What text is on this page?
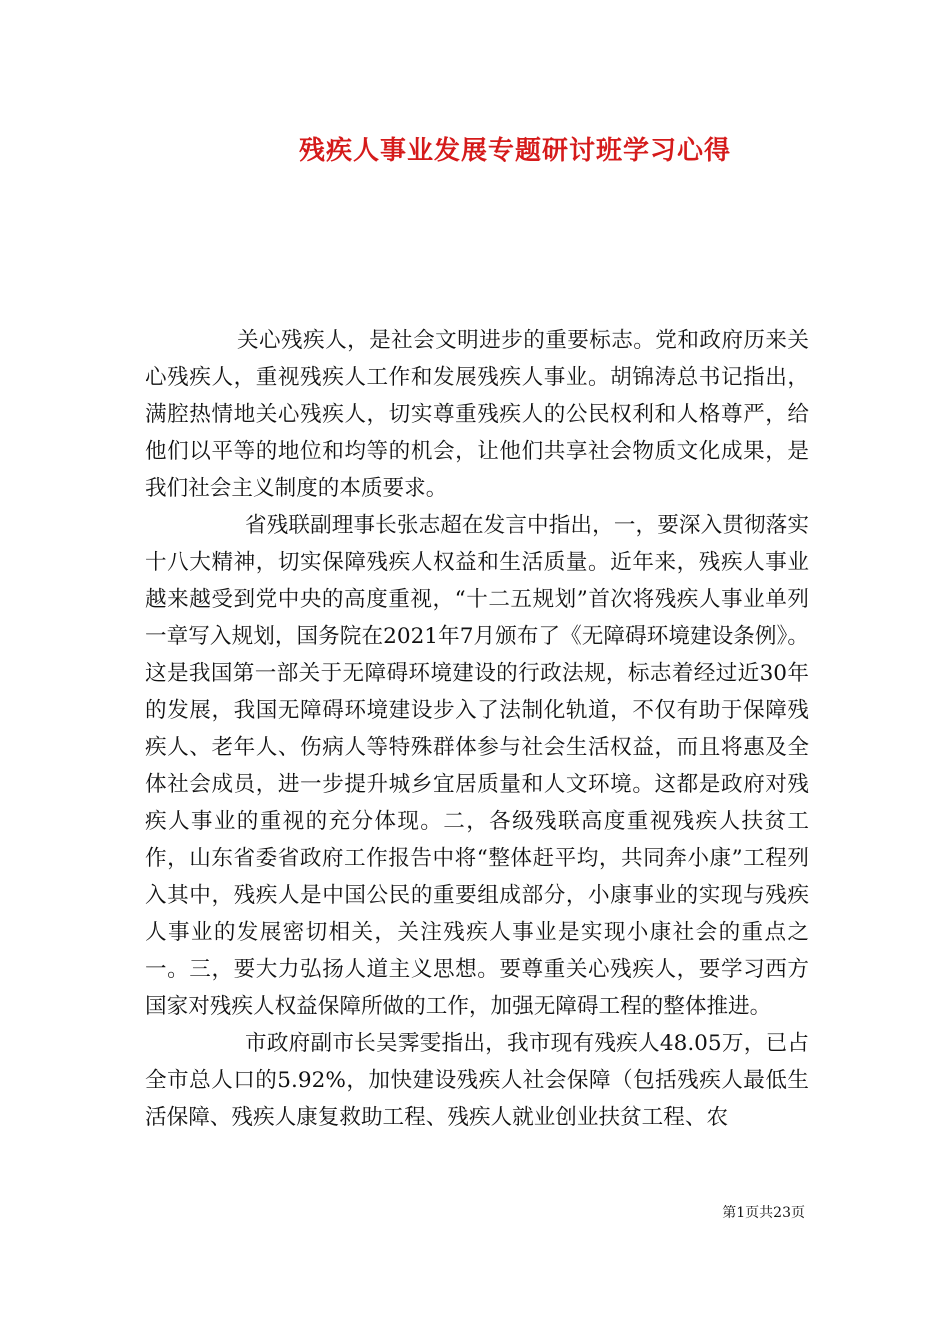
残疾人事业发展专题研讨班学习心得

关心残疾人，是社会文明进步的重要标志。党和政府历来关心残疾人，重视残疾人工作和发展残疾人事业。胡锦涛总书记指出，满腔热情地关心残疾人，切实尊重残疾人的公民权利和人格尊严，给他们以平等的地位和均等的机会，让他们共享社会物质文化成果，是我们社会主义制度的本质要求。

省残联副理事长张志超在发言中指出，一，要深入贯彻落实十八大精神，切实保障残疾人权益和生活质量。近年来，残疾人事业越来越受到党中央的高度重视，“十二五规划”首次将残疾人事业单列一章写入规划，国务院在2021年7月颁布了《无障碍环境建设条例》。这是我国第一部关于无障碍环境建设的行政法规，标志着经过近30年的发展，我国无障碍环境建设步入了法制化轨道，不仅有助于保障残疾人、老年人、伤病人等特殊群体参与社会生活权益，而且将惠及全体社会成员，进一步提升城乡宜居质量和人文环境。这都是政府对残疾人事业的重视的充分体现。二，各级残联高度重视残疾人扶贫工作，山东省委省政府工作报告中将“整体赶平均，共同奔小康”工程列入其中，残疾人是中国公民的重要组成部分，小康事业的实现与残疾人事业的发展密切相关，关注残疾人事业是实现小康社会的重点之一。三，要大力弘扬人道主义思想。要尊重关心残疾人，要学习西方国家对残疾人权益保障所做的工作，加强无障碍工程的整体推进。

市政府副市长吴霁雯指出，我市现有残疾人48.05万，已占全市总人口的5.92%，加快建设残疾人社会保障（包括残疾人最低生活保障、残疾人康复救助工程、残疾人就业创业扶贫工程、农

第1页共23页
